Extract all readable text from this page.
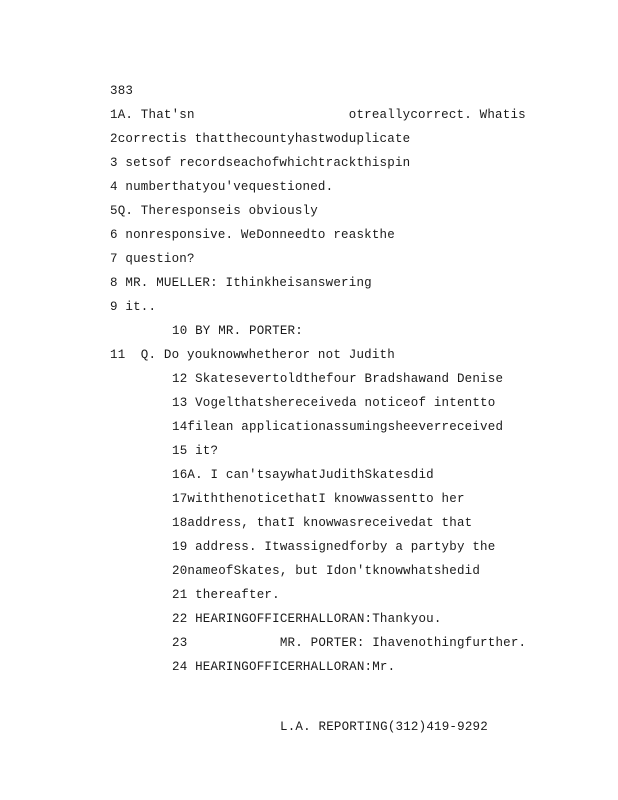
383
1A. That'sn                    otreallycorrect. Whatis
2correctis thatthecountyhastwoduplicate
3 setsof recordseachofwhichtrackthispin
4 numberthatyou'vequestioned.
5Q. Theresponseis obviously
6 nonresponsive. WeDonneedto reaskthe
7 question?
8 MR. MUELLER: Ithinkheisanswering
9 it..
10 BY MR. PORTER:
11  Q. Do youknowwhetheror not Judith
12 Skatesevertoldthefour Bradshawand Denise
13 Vogelthatshereceiveda noticeof intentto
14filean applicationassumingsheeverreceived
15 it?
16A. I can'tsaywhatJudithSkatesdid
17withthenoticethatI knowwassentto her
18address, thatI knowwasreceivedat that
19 address. Itwassignedforby a partyby the
20nameofSkates, but Idon'tknowwhatshedid
21 thereafter.
22 HEARINGOFFICERHALLORAN:Thankyou.
23            MR. PORTER: Ihavenothingfurther.
24 HEARINGOFFICERHALLORAN:Mr.
L.A. REPORTING(312)419-9292
